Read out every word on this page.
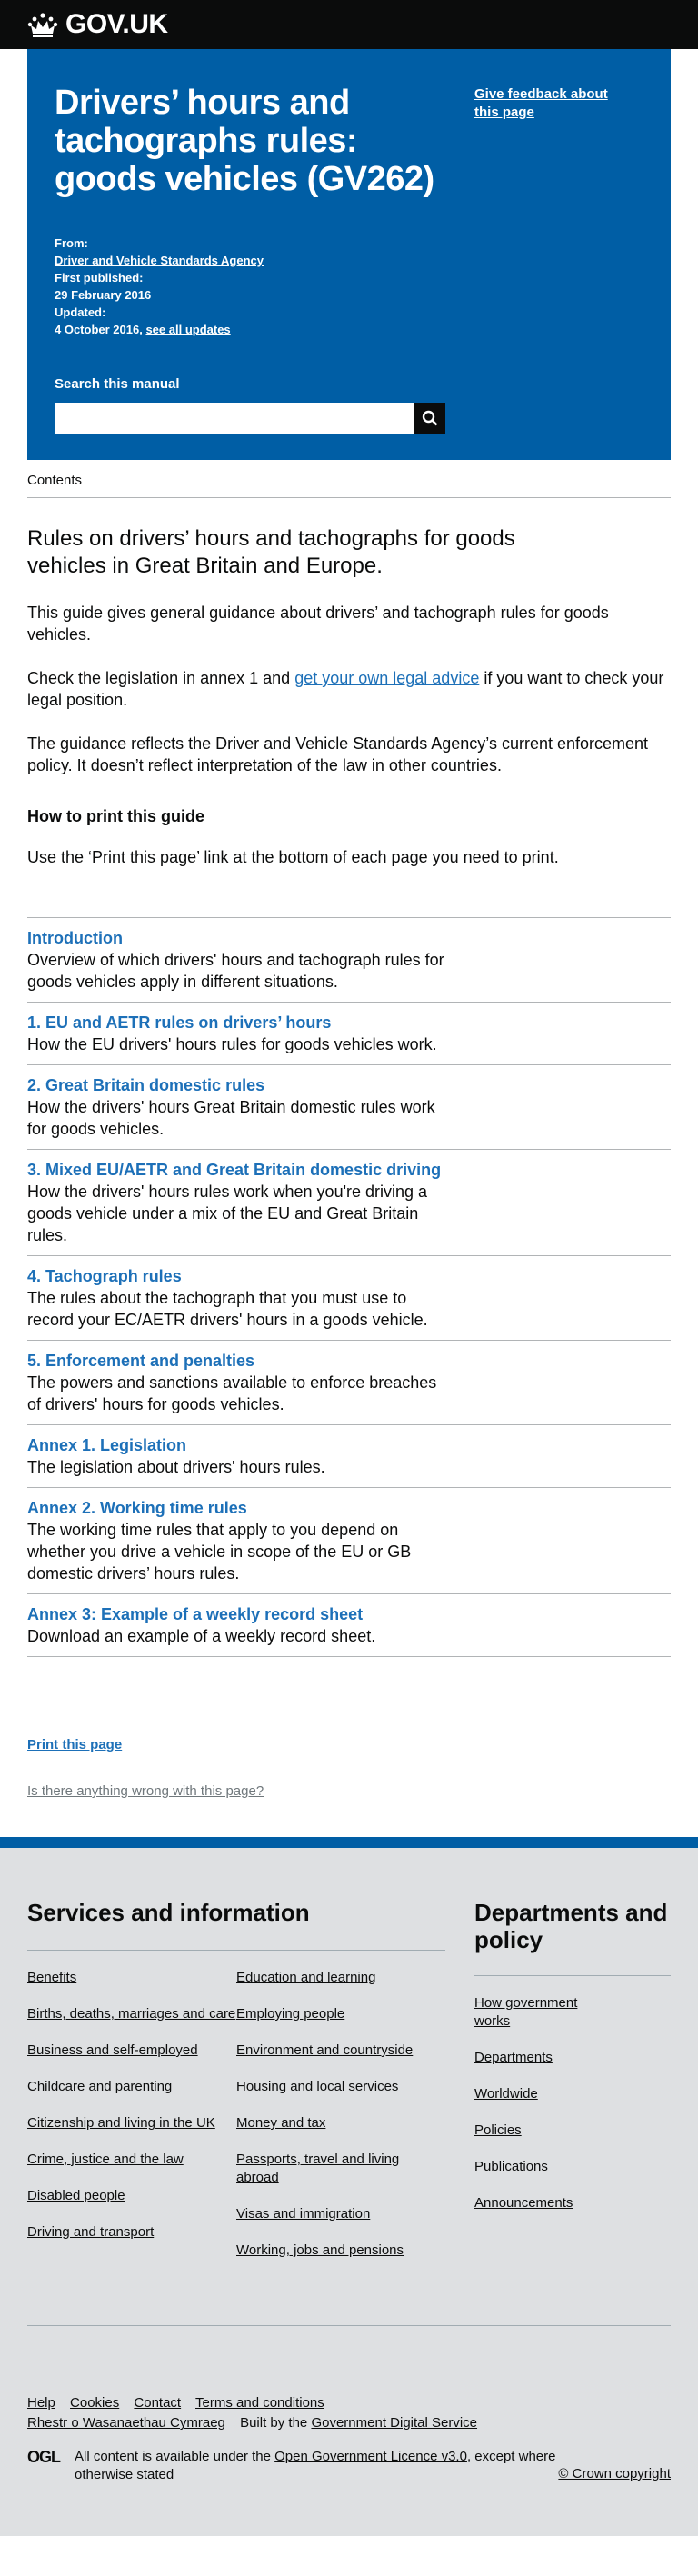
GOV.UK
Drivers’ hours and tachographs rules: goods vehicles (GV262)
Give feedback about this page
From:
Driver and Vehicle Standards Agency
First published:
29 February 2016
Updated:
4 October 2016, see all updates
Search this manual
Contents

Rules on drivers’ hours and tachographs for goods vehicles in Great Britain and Europe.

This guide gives general guidance about drivers’ and tachograph rules for goods vehicles.

Check the legislation in annex 1 and get your own legal advice if you want to check your legal position.

The guidance reflects the Driver and Vehicle Standards Agency’s current enforcement policy. It doesn’t reflect interpretation of the law in other countries.

How to print this guide

Use the ‘Print this page’ link at the bottom of each page you need to print.

Introduction

Overview of which drivers' hours and tachograph rules for goods vehicles apply in different situations.

1. EU and AETR rules on drivers’ hours

How the EU drivers' hours rules for goods vehicles work.

2. Great Britain domestic rules

How the drivers' hours Great Britain domestic rules work for goods vehicles.

3. Mixed EU/AETR and Great Britain domestic driving

How the drivers' hours rules work when you're driving a goods vehicle under a mix of the EU and Great Britain rules.

4. Tachograph rules

The rules about the tachograph that you must use to record your EC/AETR drivers' hours in a goods vehicle.

5. Enforcement and penalties

The powers and sanctions available to enforce breaches of drivers' hours for goods vehicles.

Annex 1. Legislation

The legislation about drivers' hours rules.

Annex 2. Working time rules

The working time rules that apply to you depend on whether you drive a vehicle in scope of the EU or GB domestic drivers’ hours rules.

Annex 3: Example of a weekly record sheet

Download an example of a weekly record sheet.

Print this page
Is there anything wrong with this page?
Services and information
Benefits
Births, deaths, marriages and care
Business and self-employed
Childcare and parenting
Citizenship and living in the UK
Crime, justice and the law
Disabled people
Driving and transport
Education and learning
Employing people
Environment and countryside
Housing and local services
Money and tax
Passports, travel and living abroad
Visas and immigration
Working, jobs and pensions
Departments and policy
How government works
Departments
Worldwide
Policies
Publications
Announcements
Help Cookies Contact Terms and conditions
Rhestr o Wasanaethau Cymraeg Built by the Government Digital Service
OGL	All content is available under the Open Government Licence v3.0, except where otherwise stated	© Crown copyright
